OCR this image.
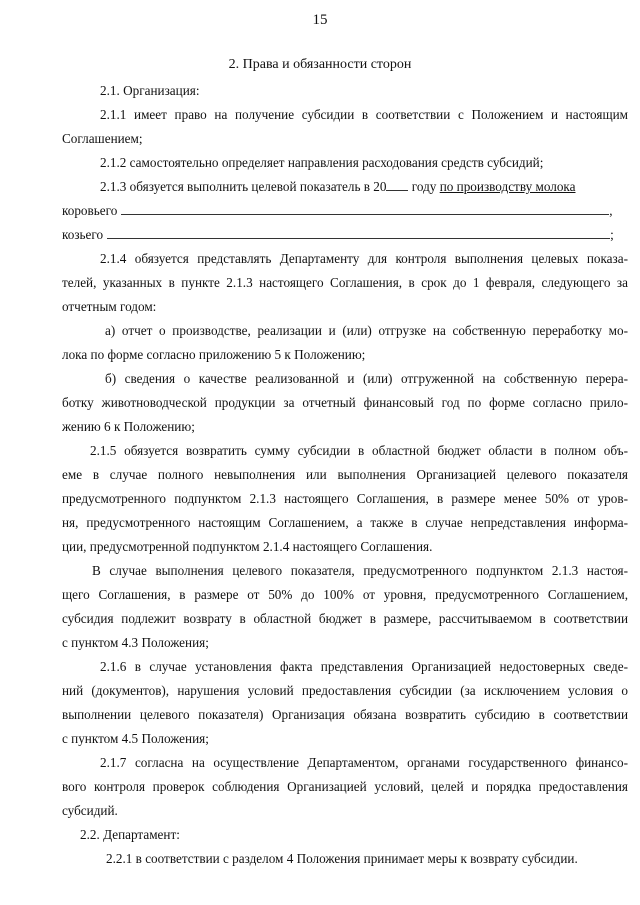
15
2. Права и обязанности сторон
2.1. Организация:
2.1.1 имеет право на получение субсидии в соответствии с Положением и настоящим
Соглашением;
2.1.2 самостоятельно определяет направления расходования средств субсидий;
2.1.3 обязуется выполнить целевой показатель в 20 году по производству молока
коровьего	,
козьего	;
2.1.4 обязуется представлять Департаменту для контроля выполнения целевых показа-
телей, указанных в пункте 2.1.3 настоящего Соглашения, в срок до 1 февраля, следующего за
отчетным годом:
а) отчет о производстве, реализации и (или) отгрузке на собственную переработку мо-
лока по форме согласно приложению 5 к Положению;
б) сведения о качестве реализованной и (или) отгруженной на собственную перера-
ботку животноводческой продукции за отчетный финансовый год по форме согласно прило-
жению 6 к Положению;
2.1.5 обязуется возвратить сумму субсидии в областной бюджет области в полном объ-
еме в случае полного невыполнения или выполнения Организацией целевого показателя
предусмотренного подпунктом 2.1.3 настоящего Соглашения, в размере менее 50% от уров-
ня, предусмотренного настоящим Соглашением, а также в случае непредставления информа-
ции, предусмотренной подпунктом 2.1.4 настоящего Соглашения.
В случае выполнения целевого показателя, предусмотренного подпунктом 2.1.3 настоя-
щего Соглашения, в размере от 50% до 100% от уровня, предусмотренного Соглашением,
субсидия подлежит возврату в областной бюджет в размере, рассчитываемом в соответствии
с пунктом 4.3 Положения;
2.1.6 в случае установления факта представления Организацией недостоверных сведе-
ний (документов), нарушения условий предоставления субсидии (за исключением условия о
выполнении целевого показателя) Организация обязана возвратить субсидию в соответствии
с пунктом 4.5 Положения;
2.1.7 согласна на осуществление Департаментом, органами государственного финансо-
вого контроля проверок соблюдения Организацией условий, целей и порядка предоставления
субсидий.
2.2. Департамент:
2.2.1 в соответствии с разделом 4 Положения принимает меры к возврату субсидии.
